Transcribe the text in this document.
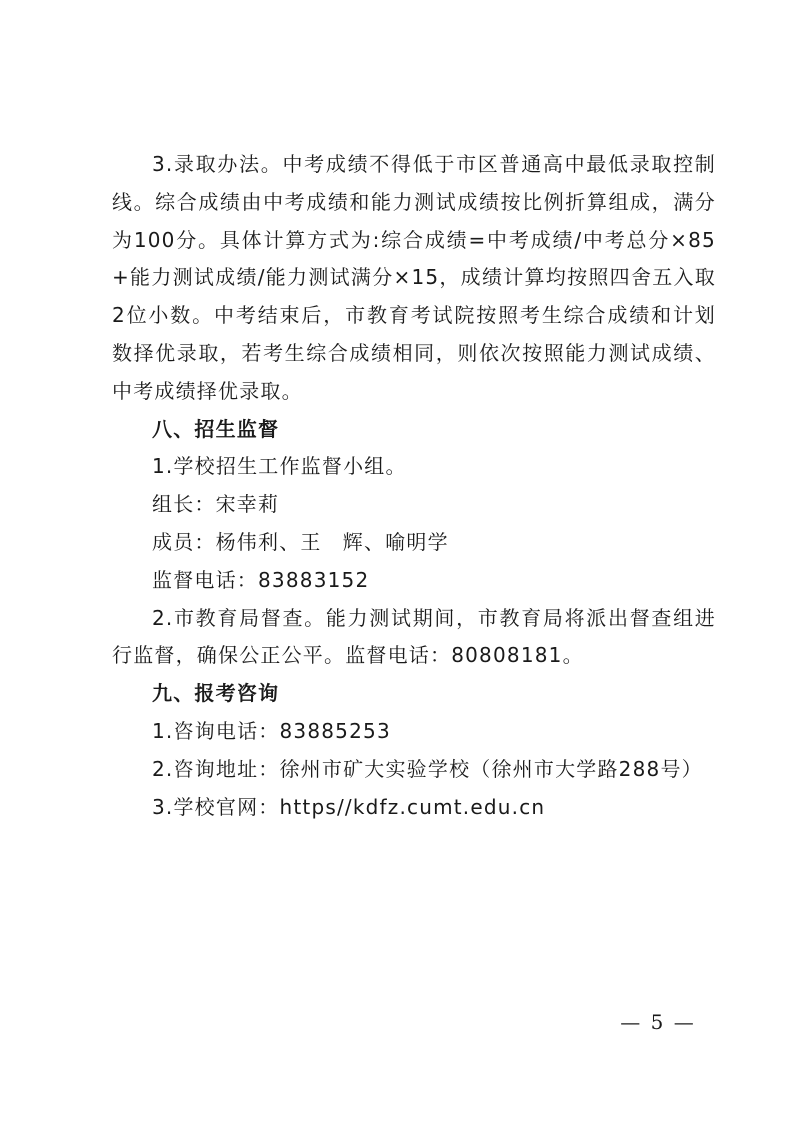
3.录取办法。中考成绩不得低于市区普通高中最低录取控制线。综合成绩由中考成绩和能力测试成绩按比例折算组成，满分为100分。具体计算方式为:综合成绩=中考成绩/中考总分×85+能力测试成绩/能力测试满分×15，成绩计算均按照四舍五入取2位小数。中考结束后，市教育考试院按照考生综合成绩和计划数择优录取，若考生综合成绩相同，则依次按照能力测试成绩、中考成绩择优录取。

八、招生监督

1.学校招生工作监督小组。

组长：宋幸莉

成员：杨伟利、王　辉、喻明学

监督电话：83883152

2.市教育局督查。能力测试期间，市教育局将派出督查组进行监督，确保公正公平。监督电话：80808181。

九、报考咨询

1.咨询电话：83885253

2.咨询地址：徐州市矿大实验学校（徐州市大学路288号）

3.学校官网：https//kdfz.cumt.edu.cn

— 5 —
